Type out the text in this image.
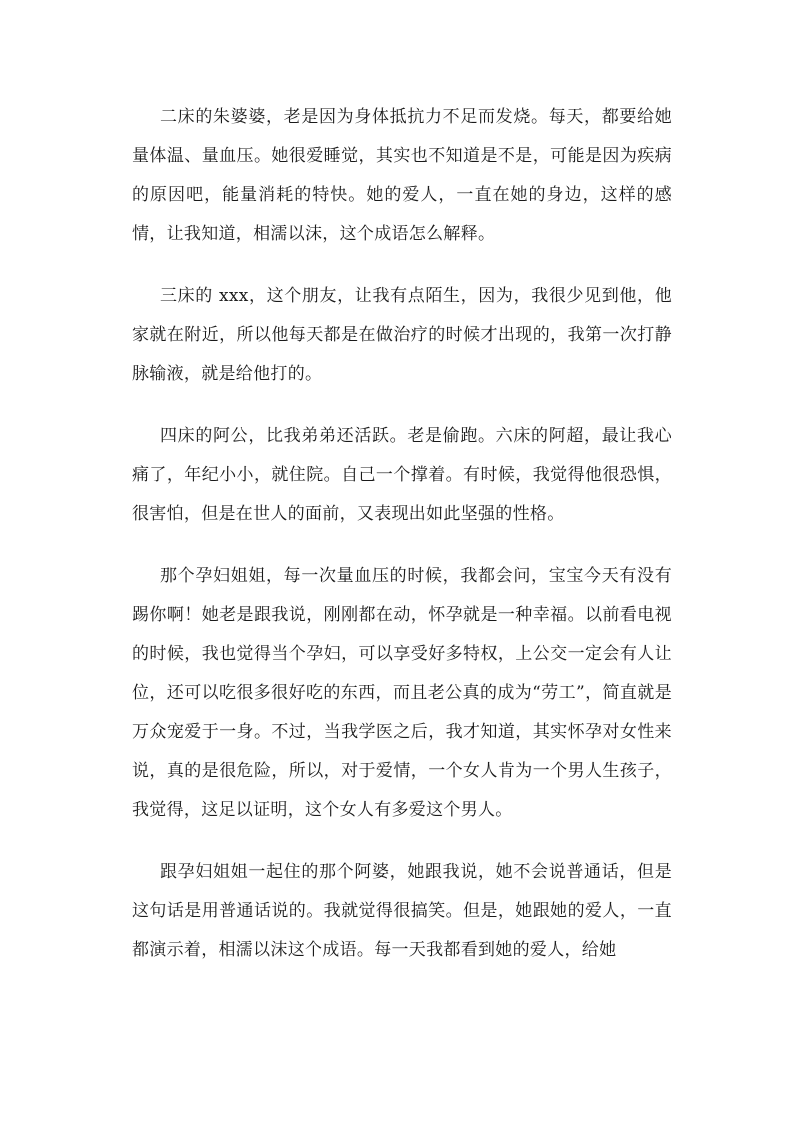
二床的朱婆婆，老是因为身体抵抗力不足而发烧。每天，都要给她量体温、量血压。她很爱睡觉，其实也不知道是不是，可能是因为疾病的原因吧，能量消耗的特快。她的爱人，一直在她的身边，这样的感情，让我知道，相濡以沫，这个成语怎么解释。

三床的 xxx，这个朋友，让我有点陌生，因为，我很少见到他，他家就在附近，所以他每天都是在做治疗的时候才出现的，我第一次打静脉输液，就是给他打的。

四床的阿公，比我弟弟还活跃。老是偷跑。六床的阿超，最让我心痛了，年纪小小，就住院。自己一个撑着。有时候，我觉得他很恐惧，很害怕，但是在世人的面前，又表现出如此坚强的性格。

那个孕妇姐姐，每一次量血压的时候，我都会问，宝宝今天有没有踢你啊！她老是跟我说，刚刚都在动，怀孕就是一种幸福。以前看电视的时候，我也觉得当个孕妇，可以享受好多特权，上公交一定会有人让位，还可以吃很多很好吃的东西，而且老公真的成为“劳工”，简直就是万众宠爱于一身。不过，当我学医之后，我才知道，其实怀孕对女性来说，真的是很危险，所以，对于爱情，一个女人肯为一个男人生孩子，我觉得，这足以证明，这个女人有多爱这个男人。

跟孕妇姐姐一起住的那个阿婆，她跟我说，她不会说普通话，但是这句话是用普通话说的。我就觉得很搞笑。但是，她跟她的爱人，一直都演示着，相濡以沫这个成语。每一天我都看到她的爱人，给她
